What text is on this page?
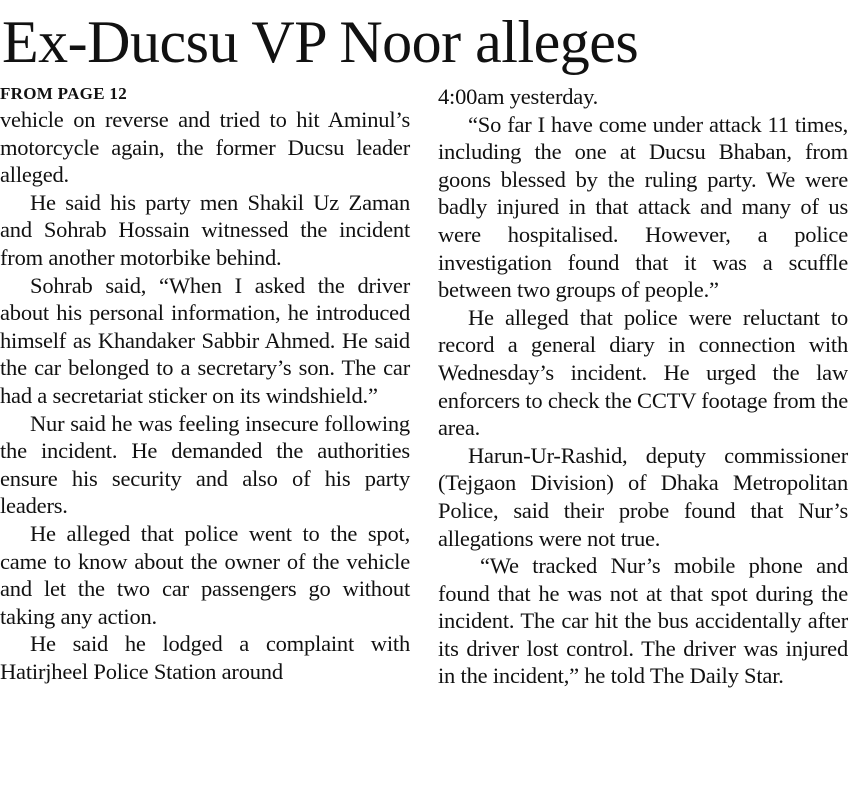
Ex-Ducsu VP Noor alleges
FROM PAGE 12

vehicle on reverse and tried to hit Aminul’s motorcycle again, the former Ducsu leader alleged.

He said his party men Shakil Uz Zaman and Sohrab Hossain witnessed the incident from another motorbike behind.

Sohrab said, “When I asked the driver about his personal information, he introduced himself as Khandaker Sabbir Ahmed. He said the car belonged to a secretary’s son. The car had a secretariat sticker on its windshield.”

Nur said he was feeling insecure following the incident. He demanded the authorities ensure his security and also of his party leaders.

He alleged that police went to the spot, came to know about the owner of the vehicle and let the two car passengers go without taking any action.

He said he lodged a complaint with Hatirjheel Police Station around

4:00am yesterday.

“So far I have come under attack 11 times, including the one at Ducsu Bhaban, from goons blessed by the ruling party. We were badly injured in that attack and many of us were hospitalised. However, a police investigation found that it was a scuffle between two groups of people.”

He alleged that police were reluctant to record a general diary in connection with Wednesday’s incident. He urged the law enforcers to check the CCTV footage from the area.

Harun-Ur-Rashid, deputy commissioner (Tejgaon Division) of Dhaka Metropolitan Police, said their probe found that Nur’s allegations were not true.

“We tracked Nur’s mobile phone and found that he was not at that spot during the incident. The car hit the bus accidentally after its driver lost control. The driver was injured in the incident,” he told The Daily Star.
